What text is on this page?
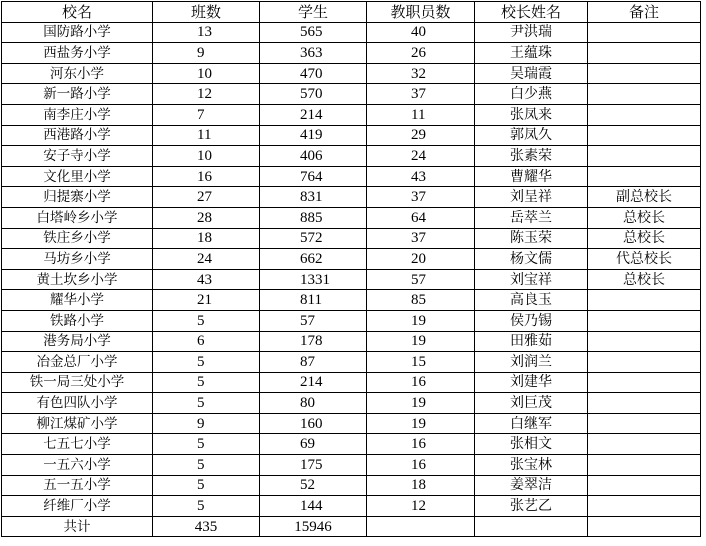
校名	班数	学生	教职员数	校长姓名	备注
国防路小学	13	565	40	尹洪瑞	
西盐务小学	9	363	26	王蕴珠	
河东小学	10	470	32	吴瑞霞	
新一路小学	12	570	37	白少燕	
南李庄小学	7	214	11	张凤来	
西港路小学	11	419	29	郭凤久	
安子寺小学	10	406	24	张素荣	
文化里小学	16	764	43	曹耀华	
归提寨小学	27	831	37	刘呈祥	副总校长
白塔岭乡小学	28	885	64	岳萃兰	总校长
铁庄乡小学	18	572	37	陈玉荣	总校长
马坊乡小学	24	662	20	杨文儒	代总校长
黄土坎乡小学	43	1331	57	刘宝祥	总校长
耀华小学	21	811	85	高良玉	
铁路小学	5	57	19	侯乃锡	
港务局小学	6	178	19	田雅茹	
冶金总厂小学	5	87	15	刘润兰	
铁一局三处小学	5	214	16	刘建华	
有色四队小学	5	80	19	刘巨茂	
柳江煤矿小学	9	160	19	白继军	
七五七小学	5	69	16	张相文	
一五六小学	5	175	16	张宝林	
五一五小学	5	52	18	姜翠洁	
纤维厂小学	5	144	12	张艺乙	
共计	435	15946			
